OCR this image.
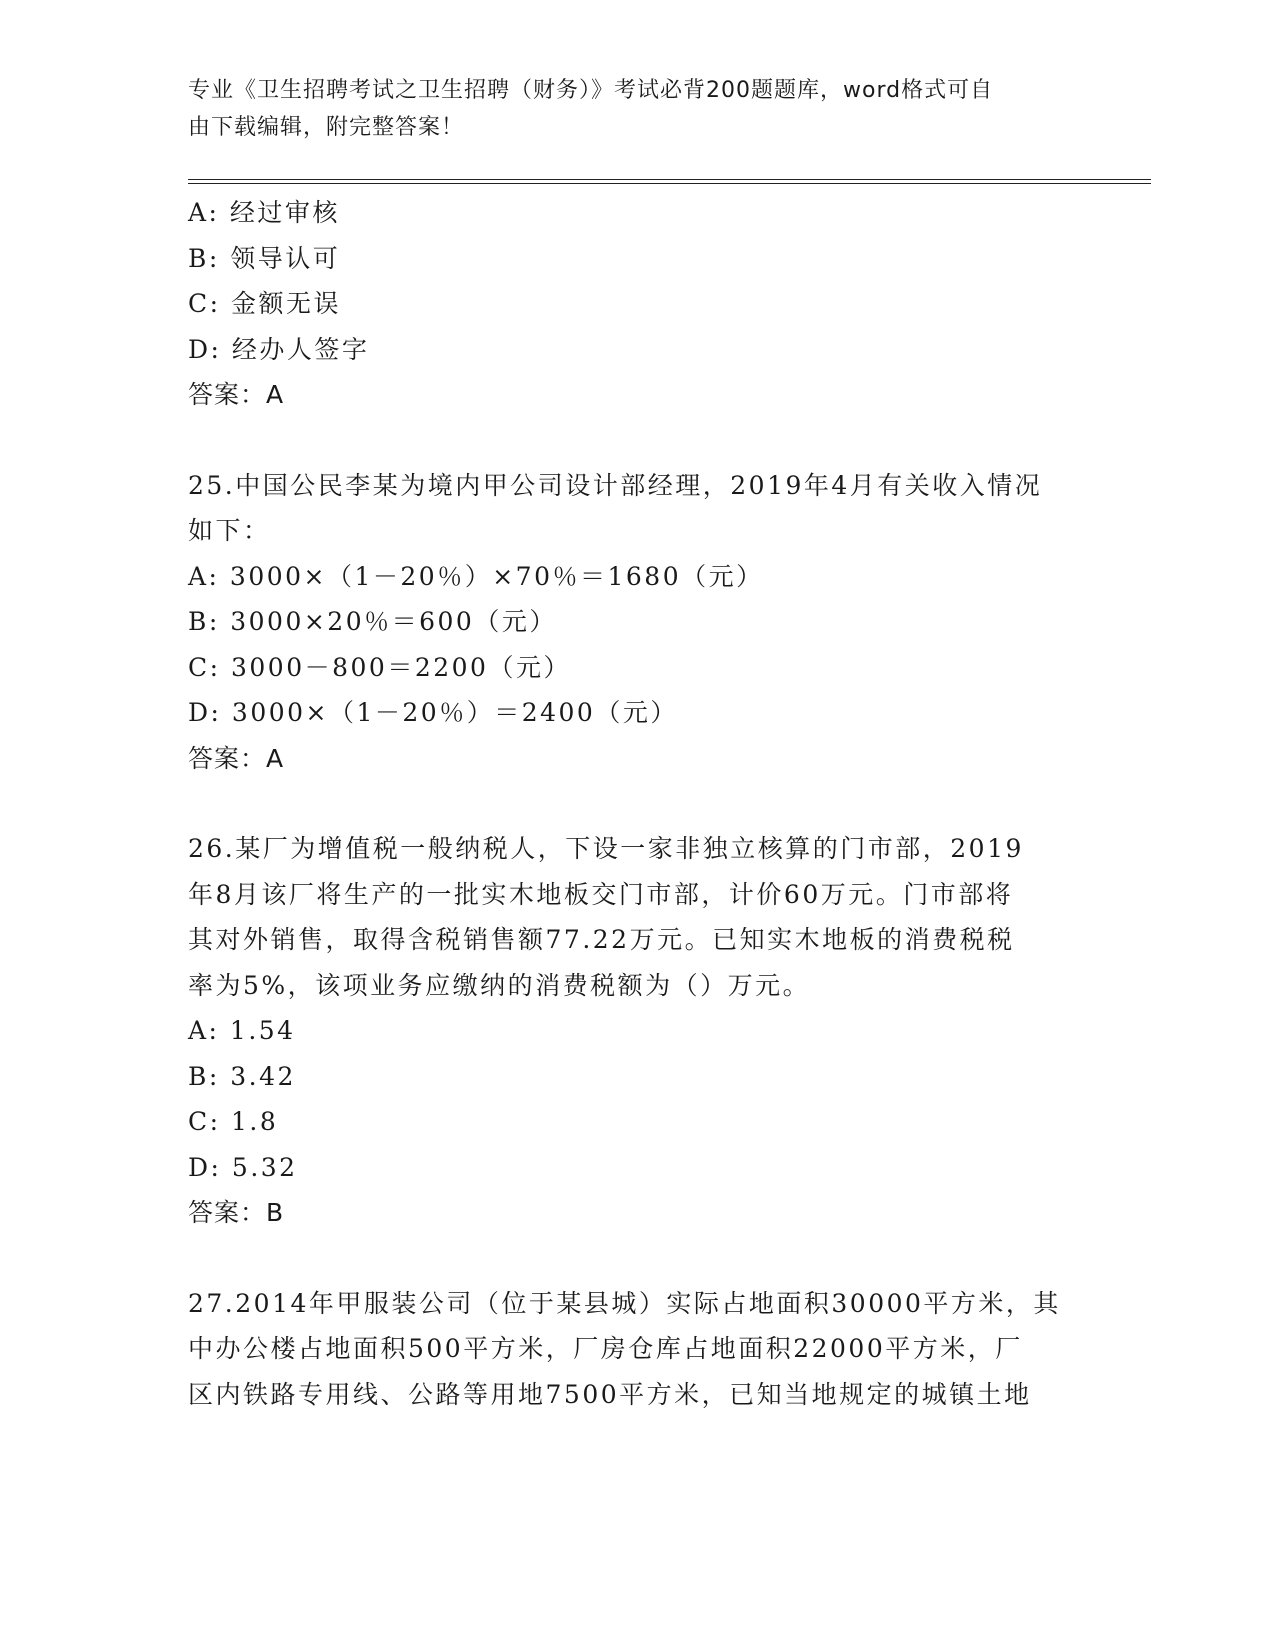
专业《卫生招聘考试之卫生招聘（财务）》考试必背200题题库，word格式可自
由下载编辑，附完整答案！
A: 经过审核
B: 领导认可
C: 金额无误
D: 经办人签字
答案：A
25.中国公民李某为境内甲公司设计部经理，2019年4月有关收入情况
如下：
A: 3000×（1－20％）×70％＝1680（元）
B: 3000×20％＝600（元）
C: 3000－800＝2200（元）
D: 3000×（1－20％）＝2400（元）
答案：A
26.某厂为增值税一般纳税人，下设一家非独立核算的门市部，2019
年8月该厂将生产的一批实木地板交门市部，计价60万元。门市部将
其对外销售，取得含税销售额77.22万元。已知实木地板的消费税税
率为5%，该项业务应缴纳的消费税额为（）万元。
A: 1.54
B: 3.42
C: 1.8
D: 5.32
答案：B
27.2014年甲服装公司（位于某县城）实际占地面积30000平方米，其
中办公楼占地面积500平方米，厂房仓库占地面积22000平方米，厂
区内铁路专用线、公路等用地7500平方米，已知当地规定的城镇土地
